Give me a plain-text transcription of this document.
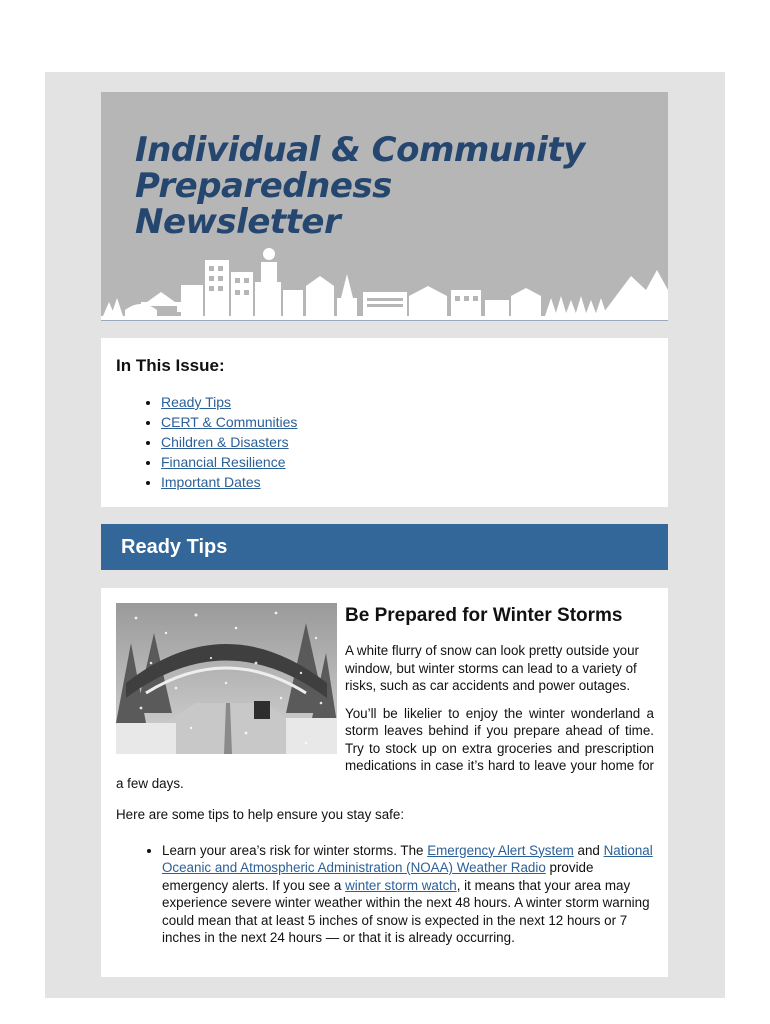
Individual & Community
Preparedness
Newsletter
In This Issue:
• Ready Tips
• CERT & Communities
• Children & Disasters
• Financial Resilience
• Important Dates
Ready Tips
Be Prepared for Winter Storms

A white flurry of snow can look pretty outside your window, but winter storms can lead to a variety of risks, such as car accidents and power outages.

You’ll be likelier to enjoy the winter wonderland a storm leaves behind if you prepare ahead of time. Try to stock up on extra groceries and prescription medications in case it’s hard to leave your home for a few days.

Here are some tips to help ensure you stay safe:

• Learn your area’s risk for winter storms. The Emergency Alert System and National Oceanic and Atmospheric Administration (NOAA) Weather Radio provide emergency alerts. If you see a winter storm watch, it means that your area may experience severe winter weather within the next 48 hours. A winter storm warning could mean that at least 5 inches of snow is expected in the next 12 hours or 7 inches in the next 24 hours — or that it is already occurring.
